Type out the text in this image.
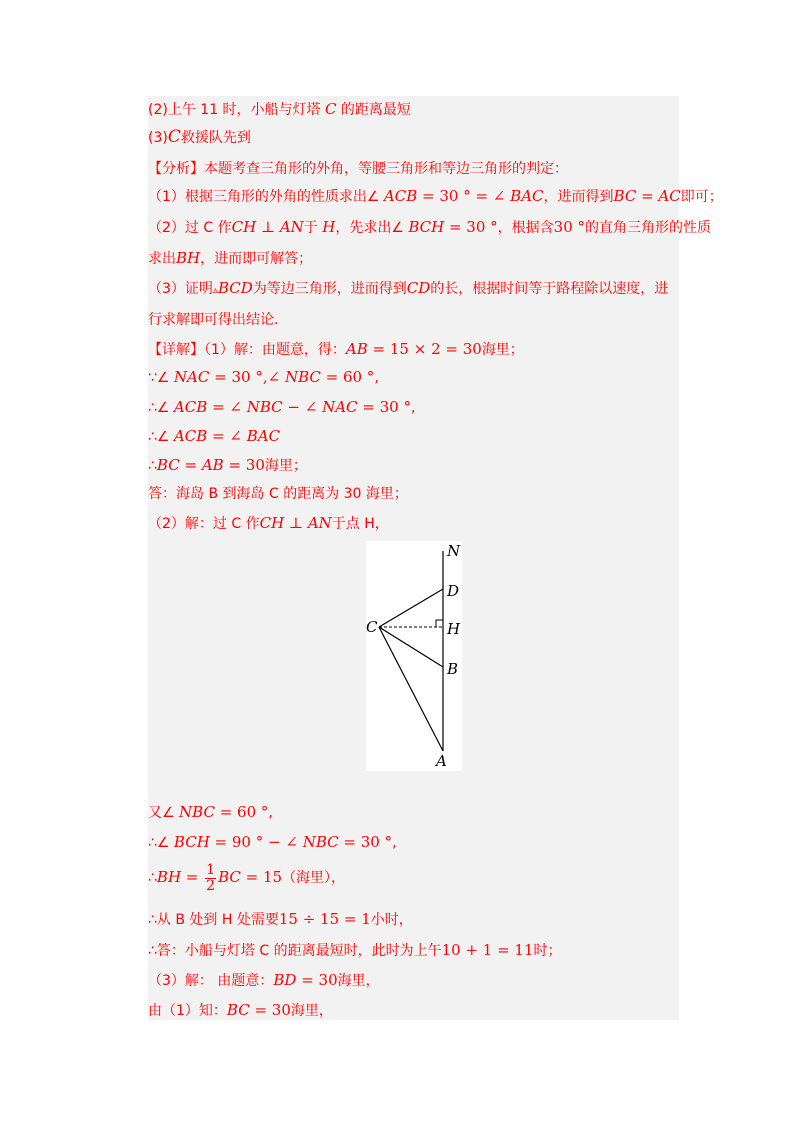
(2)上午 11 时，小船与灯塔 C 的距离最短
(3)C救援队先到
【分析】本题考查三角形的外角，等腰三角形和等边三角形的判定：
（1）根据三角形的外角的性质求出∠ ACB = 30 ° = ∠ BAC，进而得到BC = AC即可；
（2）过 C 作CH ⊥ AN于 H，先求出∠ BCH = 30 °，根据含30 °的直角三角形的性质
求出BH，进而即可解答；
（3）证明▵BCD为等边三角形，进而得到CD的长，根据时间等于路程除以速度，进
行求解即可得出结论.
【详解】（1）解：由题意，得：AB = 15 × 2 = 30海里；
∵∠ NAC = 30 °,∠ NBC = 60 °,
∴∠ ACB = ∠ NBC − ∠ NAC = 30 °,
∴∠ ACB = ∠ BAC
∴BC = AB = 30海里；
答：海岛 B 到海岛 C 的距离为 30 海里；
（2）解：过 C 作CH ⊥ AN于点 H，
N
D
C	H
B
A
又∠ NBC = 60 °,
∴∠ BCH = 90 ° − ∠ NBC = 30 °,
∴BH = $\frac{1}{2}$ BC = 15（海里），
∴从 B 处到 H 处需要15 ÷ 15 = 1小时，
∴答：小船与灯塔 C 的距离最短时，此时为上午10 + 1 = 11时；
（3）解： 由题意：BD = 30海里，
由（1）知：BC = 30海里，
